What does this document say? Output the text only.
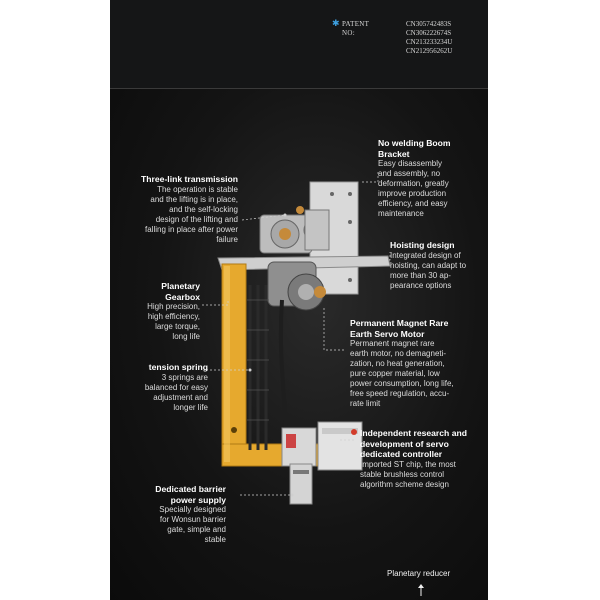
✱ PATENT NO:
CN305742483S
CN306222674S
CN213233234U
CN212956262U
No welding Boom
Bracket
Easy disassembly
and assembly, no
deformation, greatly
improve production
efficiency, and easy
maintenance
Three-link transmission
The operation is stable
and the lifting is in place,
and the self-locking
design of the lifting and
falling in place after power
failure
Hoisting design
Integrated design of
hoisting, can adapt to
more than 30 ap-
pearance options
Planetary
Gearbox
High precision,
high efficiency,
large torque,
long life
Permanent Magnet Rare
Earth Servo Motor
Permanent magnet rare
earth motor, no demagneti-
zation, no heat generation,
pure copper material, low
power consumption, long life,
free speed regulation, accu-
rate limit
tension spring
3 springs are
balanced for easy
adjustment and
longer life
Independent research and
development of servo
dedicated controller
Imported ST chip, the most
stable brushless control
algorithm scheme design
Dedicated barrier
power supply
Specially designed
for Wonsun barrier
gate, simple and
stable
Planetary reducer
